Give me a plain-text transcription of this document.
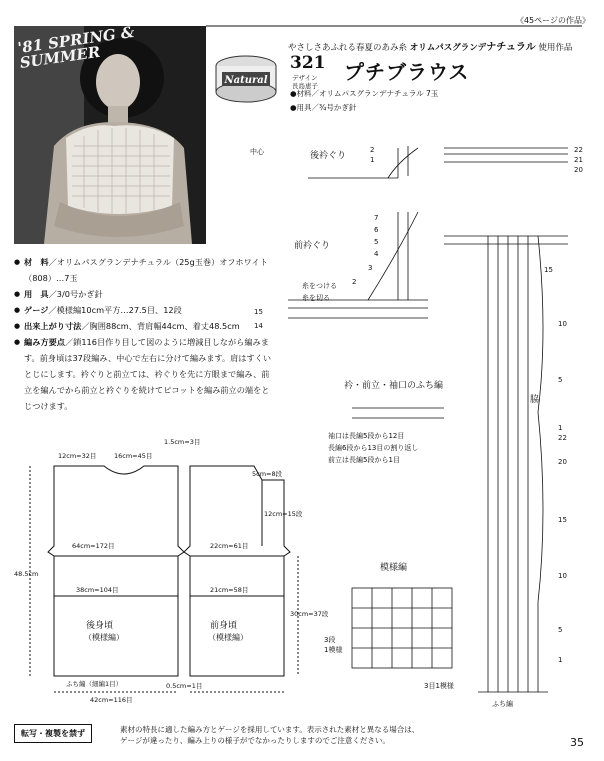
《45ページの作品》
'81 SPRING & SUMMER	やさしさあふれる春夏のあみ糸 オリムパスグランデナチュラル 使用作品
Natural
321
デザイン
長島恵子
プチブラウス
●材料／オリムパスグランデナチュラル 7玉
●用具／¾号かぎ針
● 材　料／オリムパスグランデナチュラル（25g玉巻）オフホワイト（808）…7玉
● 用　具／3/0号かぎ針
● ゲージ／模様編10cm平方…27.5目、12段
● 出来上がり寸法／胸囲88cm、背肩幅44cm、着丈48.5cm
● 編み方要点／鎖116目作り目して図のように増減目しながら編みます。前身頃は37段編み、中心で左右に分けて編みます。肩はすくいとじにします。衿ぐりと前立ては、衿ぐりを先に方眼まで編み、前立を編んでから前立と衿ぐりを続けてピコットを編み前立の端をとじつけます。
後衿ぐり
中心
前衿ぐり
糸をつける
糸を切る
脇
衿・前立・袖口のふち編
袖口は長編5段から12目
長編6段から13目の割り返し
前立は長編5段から1目
模様編
ふち編
3段
1模様
3目1模様
22
21
20
15
10
5
1
22
20
15
10
5
1
2
1
7
6
5
4
3
2
15
14
後身頃
（模様編）
前身頃
（模様編）
16cm=45目
12cm=32目
64cm=172目
38cm=104目
48.5cm
30cm=37段
22cm=61目
12cm=15段
21cm=58目
1.5cm=3目
0.5cm=1目
5cm=8段
ふち編（細編1目）
42cm=116目
転写・複製を禁ず	素材の特長に適した編み方とゲージを採用しています。表示された素材と異なる場合は、
ゲージが違ったり、編み上りの様子がでなかったりしますのでご注意ください。	35
